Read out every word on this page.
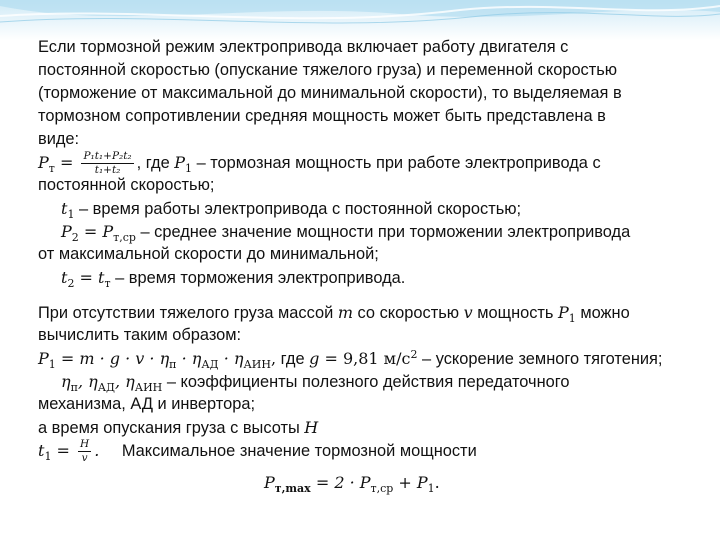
Если тормозной режим электропривода включает работу двигателя с
постоянной скоростью (опускание тяжелого груза) и переменной скоростью
(торможение от максимальной до минимальной скорости), то выделяемая в
тормозном сопротивлении средняя мощность может быть представлена в
виде:
$P_т = \frac{\text{P₁t₁+P₂t₂}}{\text{t₁+t₂}}$ , где $P_1$ – тормозная мощность при работе электропривода с
постоянной скоростью;
$t_1$ – время работы электропривода с постоянной скоростью;
$P_2 = P_{т,ср}$ – среднее значение мощности при торможении электропривода
от максимальной скорости до минимальной;
$t_2 = t_т$ – время торможения электропривода.
При отсутствии тяжелого груза массой m со скоростью v мощность $P_1$ можно
вычислить таким образом:
$P_1 = m \cdot g \cdot v \cdot \eta_п \cdot \eta_{АД} \cdot \eta_{АИН}$, где g = 9,81 $м/с^2$ – ускорение земного тяготения;
$\eta_п$, $\eta_{АД}$, $\eta_{АИН}$ – коэффициенты полезного действия передаточного
механизма, АД и инвертора;
а время опускания груза с высоты H
$t_1 = \frac{H}{v}$ . Максимальное значение тормозной мощности
$P_{т,max} = 2 \cdot P_{т,ср} + P_1$.
